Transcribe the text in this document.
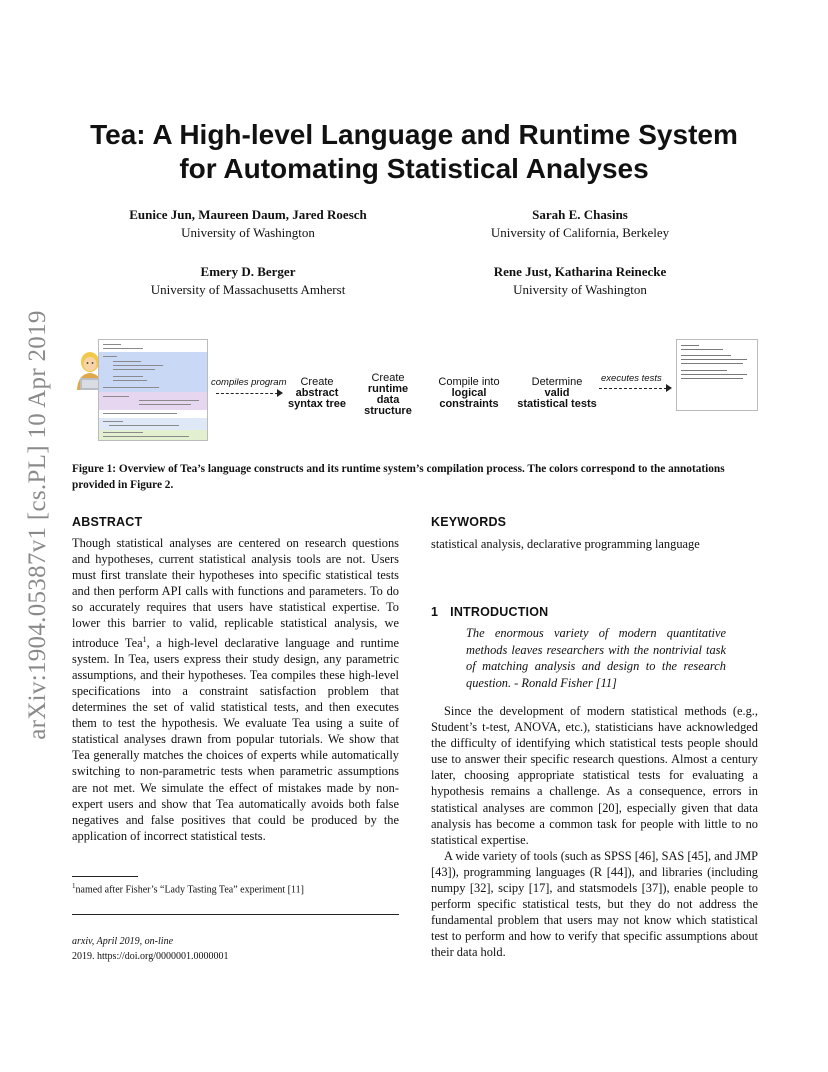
arXiv:1904.05387v1 [cs.PL] 10 Apr 2019
Tea: A High-level Language and Runtime System
for Automating Statistical Analyses
Eunice Jun, Maureen Daum, Jared Roesch
University of Washington
Sarah E. Chasins
University of California, Berkeley
Emery D. Berger
University of Massachusetts Amherst
Rene Just, Katharina Reinecke
University of Washington
compiles program	Create
abstract
syntax tree
Create
runtime
data
structure
Compile into
logical
constraints
Determine
valid
statistical tests
executes tests
Figure 1: Overview of Tea’s language constructs and its runtime system’s compilation process. The colors correspond to the annotations provided in Figure 2.
ABSTRACT

Though statistical analyses are centered on research questions and hypotheses, current statistical analysis tools are not. Users must first translate their hypotheses into specific statistical tests and then perform API calls with functions and parameters. To do so accurately requires that users have statistical expertise. To lower this barrier to valid, replicable statistical analysis, we introduce Tea$^1$, a high-level declarative language and runtime system. In Tea, users express their study design, any parametric assumptions, and their hypotheses. Tea compiles these high-level specifications into a constraint satisfaction problem that determines the set of valid statistical tests, and then executes them to test the hypothesis. We evaluate Tea using a suite of statistical analyses drawn from popular tutorials. We show that Tea generally matches the choices of experts while automatically switching to non-parametric tests when parametric assumptions are not met. We simulate the effect of mistakes made by non-expert users and show that Tea automatically avoids both false negatives and false positives that could be produced by the application of incorrect statistical tests.

$^1$named after Fisher’s “Lady Tasting Tea” experiment [11]
arxiv, April 2019, on-line
2019. https://doi.org/0000001.0000001
KEYWORDS
statistical analysis, declarative programming language
1 INTRODUCTION
The enormous variety of modern quantitative methods leaves researchers with the nontrivial task of matching analysis and design to the research question. - Ronald Fisher [11]

Since the development of modern statistical methods (e.g., Student’s t-test, ANOVA, etc.), statisticians have acknowledged the difficulty of identifying which statistical tests people should use to answer their specific research questions. Almost a century later, choosing appropriate statistical tests for evaluating a hypothesis remains a challenge. As a consequence, errors in statistical analyses are common [20], especially given that data analysis has become a common task for people with little to no statistical expertise.

A wide variety of tools (such as SPSS [46], SAS [45], and JMP [43]), programming languages (R [44]), and libraries (including numpy [32], scipy [17], and statsmodels [37]), enable people to perform specific statistical tests, but they do not address the fundamental problem that users may not know which statistical test to perform and how to verify that specific assumptions about their data hold.
